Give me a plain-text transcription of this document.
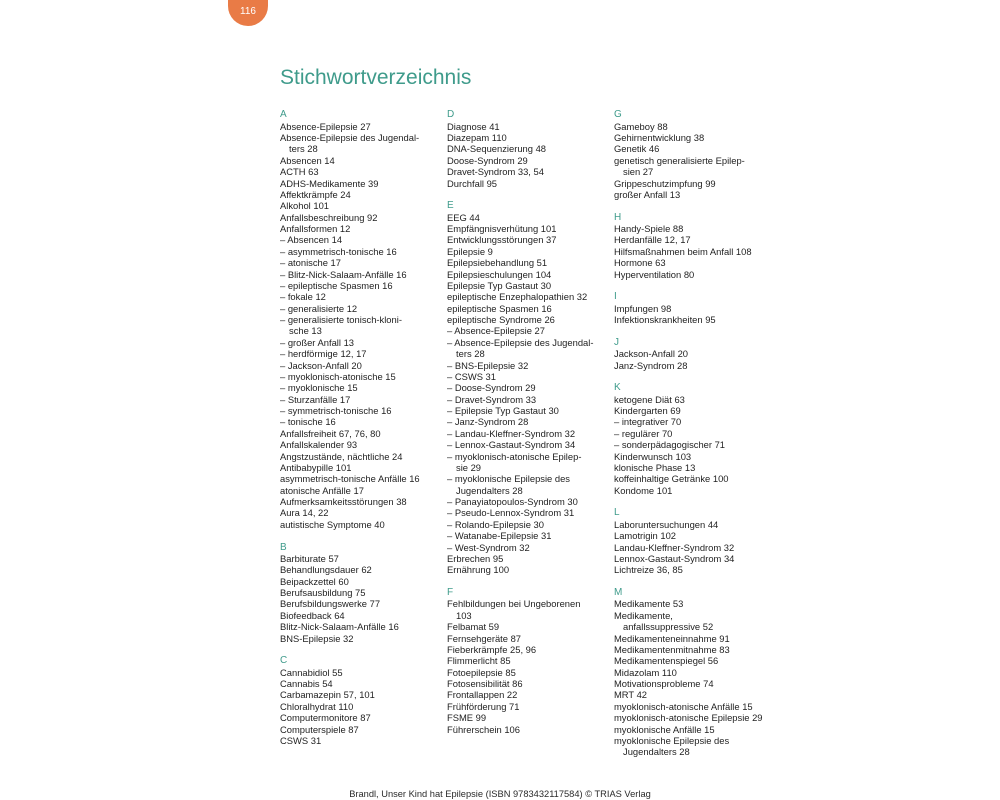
116
Stichwortverzeichnis
A
Absence-Epilepsie 27
Absence-Epilepsie des Jugendal-
ters 28
Absencen 14
ACTH 63
ADHS-Medikamente 39
Affektkrämpfe 24
Alkohol 101
Anfallsbeschreibung 92
Anfallsformen 12
– Absencen 14
– asymmetrisch-tonische 16
– atonische 17
– Blitz-Nick-Salaam-Anfälle 16
– epileptische Spasmen 16
– fokale 12
– generalisierte 12
– generalisierte tonisch-kloni-
sche 13
– großer Anfall 13
– herdförmige 12, 17
– Jackson-Anfall 20
– myoklonisch-atonische 15
– myoklonische 15
– Sturzanfälle 17
– symmetrisch-tonische 16
– tonische 16
Anfallsfreiheit 67, 76, 80
Anfallskalender 93
Angstzustände, nächtliche 24
Antibabypille 101
asymmetrisch-tonische Anfälle 16
atonische Anfälle 17
Aufmerksamkeitsstörungen 38
Aura 14, 22
autistische Symptome 40
B
Barbiturate 57
Behandlungsdauer 62
Beipackzettel 60
Berufsausbildung 75
Berufsbildungswerke 77
Biofeedback 64
Blitz-Nick-Salaam-Anfälle 16
BNS-Epilepsie 32
C
Cannabidiol 55
Cannabis 54
Carbamazepin 57, 101
Chloralhydrat 110
Computermonitore 87
Computerspiele 87
CSWS 31
D
Diagnose 41
Diazepam 110
DNA-Sequenzierung 48
Doose-Syndrom 29
Dravet-Syndrom 33, 54
Durchfall 95
E
EEG 44
Empfängnisverhütung 101
Entwicklungsstörungen 37
Epilepsie 9
Epilepsiebehandlung 51
Epilepsieschulungen 104
Epilepsie Typ Gastaut 30
epileptische Enzephalopathien 32
epileptische Spasmen 16
epileptische Syndrome 26
– Absence-Epilepsie 27
– Absence-Epilepsie des Jugendal-
ters 28
– BNS-Epilepsie 32
– CSWS 31
– Doose-Syndrom 29
– Dravet-Syndrom 33
– Epilepsie Typ Gastaut 30
– Janz-Syndrom 28
– Landau-Kleffner-Syndrom 32
– Lennox-Gastaut-Syndrom 34
– myoklonisch-atonische Epilep-
sie 29
– myoklonische Epilepsie des
Jugendalters 28
– Panayiatopoulos-Syndrom 30
– Pseudo-Lennox-Syndrom 31
– Rolando-Epilepsie 30
– Watanabe-Epilepsie 31
– West-Syndrom 32
Erbrechen 95
Ernährung 100
F
Fehlbildungen bei Ungeborenen
103
Felbamat 59
Fernsehgeräte 87
Fieberkrämpfe 25, 96
Flimmerlicht 85
Fotoepilepsie 85
Fotosensibilität 86
Frontallappen 22
Frühförderung 71
FSME 99
Führerschein 106
G
Gameboy 88
Gehirnentwicklung 38
Genetik 46
genetisch generalisierte Epilep-
sien 27
Grippeschutzimpfung 99
großer Anfall 13
H
Handy-Spiele 88
Herdanfälle 12, 17
Hilfsmaßnahmen beim Anfall 108
Hormone 63
Hyperventilation 80
I
Impfungen 98
Infektionskrankheiten 95
J
Jackson-Anfall 20
Janz-Syndrom 28
K
ketogene Diät 63
Kindergarten 69
– integrativer 70
– regulärer 70
– sonderpädagogischer 71
Kinderwunsch 103
klonische Phase 13
koffeinhaltige Getränke 100
Kondome 101
L
Laboruntersuchungen 44
Lamotrigin 102
Landau-Kleffner-Syndrom 32
Lennox-Gastaut-Syndrom 34
Lichtreize 36, 85
M
Medikamente 53
Medikamente,
anfallssuppressive 52
Medikamenteneinnahme 91
Medikamentenmitnahme 83
Medikamentenspiegel 56
Midazolam 110
Motivationsprobleme 74
MRT 42
myoklonisch-atonische Anfälle 15
myoklonisch-atonische Epilepsie 29
myoklonische Anfälle 15
myoklonische Epilepsie des
Jugendalters 28
Brandl, Unser Kind hat Epilepsie (ISBN 9783432117584) © TRIAS Verlag
